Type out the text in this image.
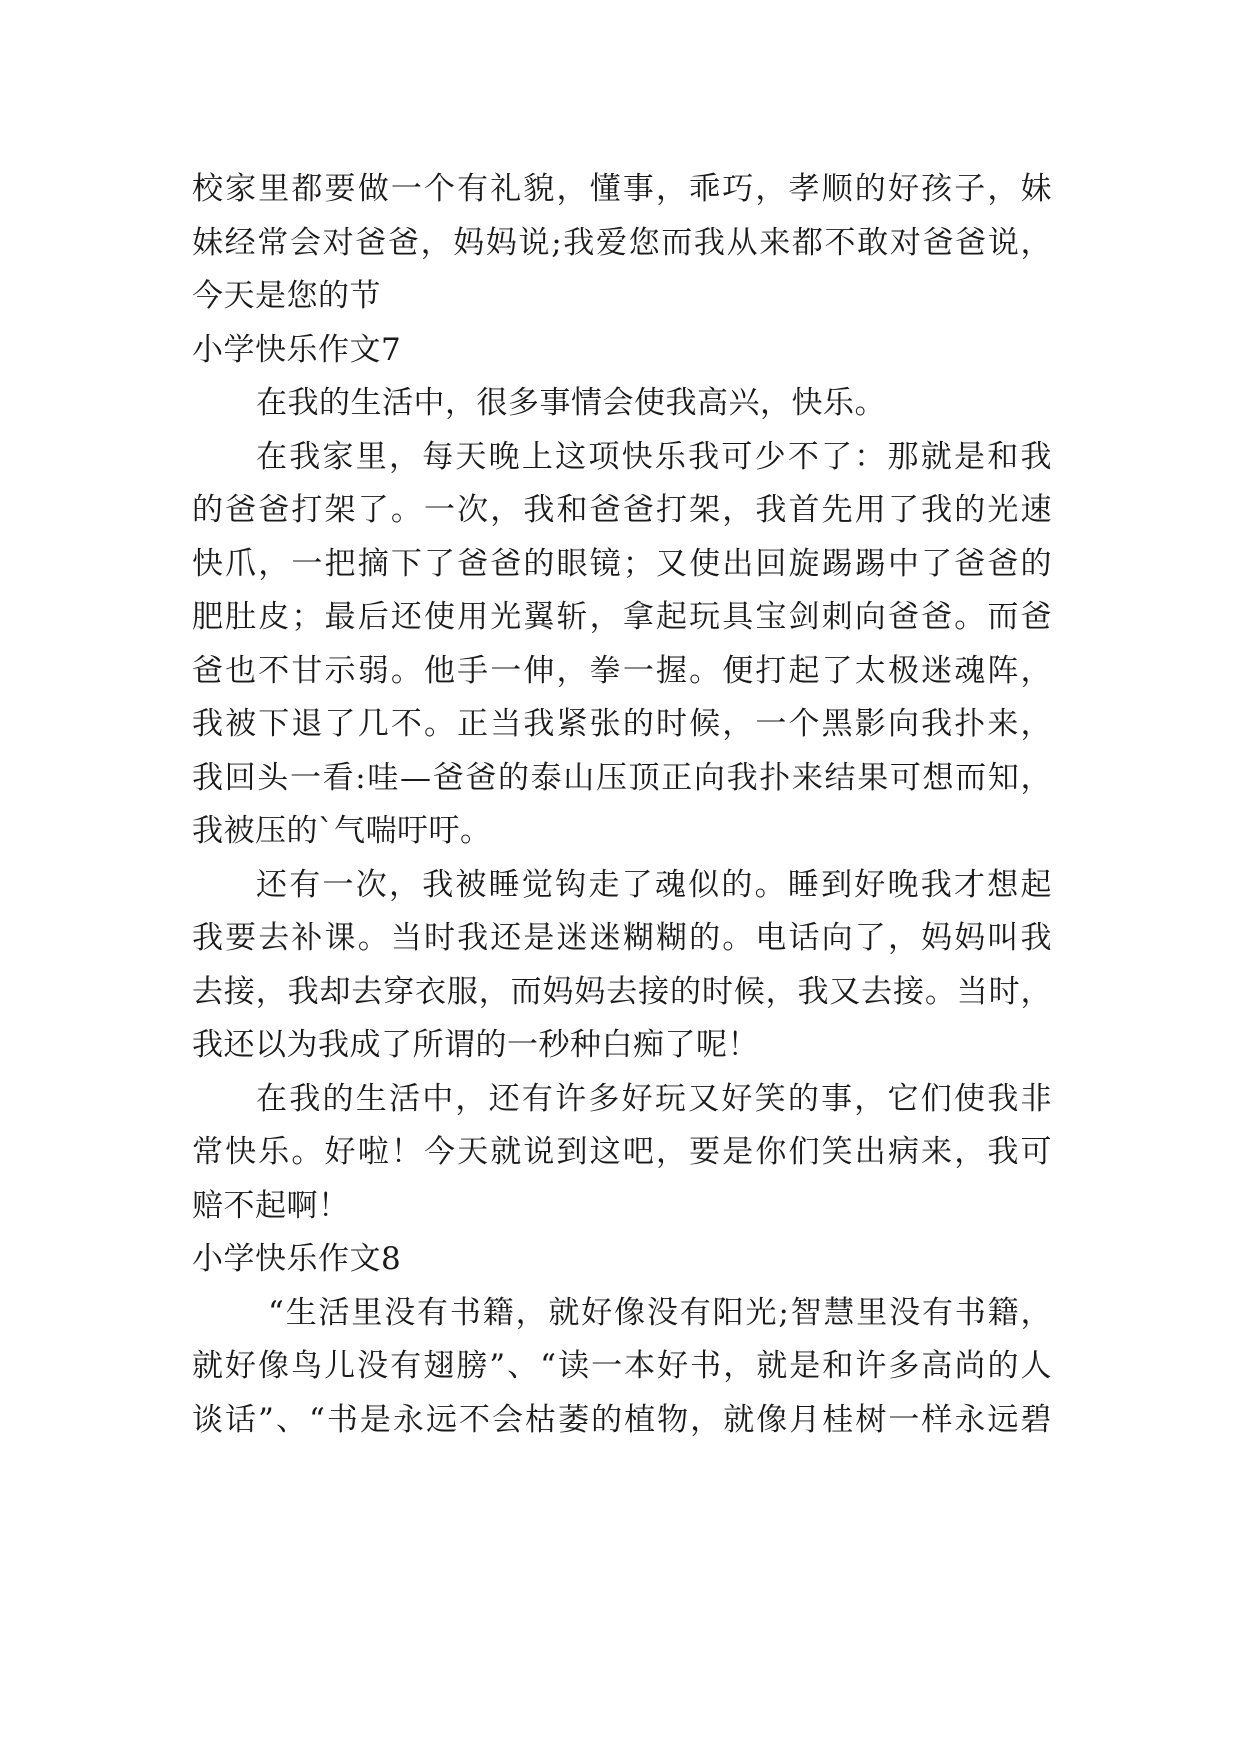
校家里都要做一个有礼貌，懂事，乖巧，孝顺的好孩子，妹
妹经常会对爸爸，妈妈说;我爱您而我从来都不敢对爸爸说，
今天是您的节
小学快乐作文7
在我的生活中，很多事情会使我高兴，快乐。
在我家里，每天晚上这项快乐我可少不了：那就是和我
的爸爸打架了。一次，我和爸爸打架，我首先用了我的光速
快爪，一把摘下了爸爸的眼镜；又使出回旋踢踢中了爸爸的
肥肚皮；最后还使用光翼斩，拿起玩具宝剑刺向爸爸。而爸
爸也不甘示弱。他手一伸，拳一握。便打起了太极迷魂阵，
我被下退了几不。正当我紧张的时候，一个黑影向我扑来，
我回头一看:哇—爸爸的泰山压顶正向我扑来结果可想而知，
我被压的`气喘吁吁。
还有一次，我被睡觉钩走了魂似的。睡到好晚我才想起
我要去补课。当时我还是迷迷糊糊的。电话向了，妈妈叫我
去接，我却去穿衣服，而妈妈去接的时候，我又去接。当时，
我还以为我成了所谓的一秒种白痴了呢！
在我的生活中，还有许多好玩又好笑的事，它们使我非
常快乐。好啦！今天就说到这吧，要是你们笑出病来，我可
赔不起啊！
小学快乐作文8
“生活里没有书籍，就好像没有阳光;智慧里没有书籍，
就好像鸟儿没有翅膀”、“读一本好书，就是和许多高尚的人
谈话”、“书是永远不会枯萎的植物，就像月桂树一样永远碧
